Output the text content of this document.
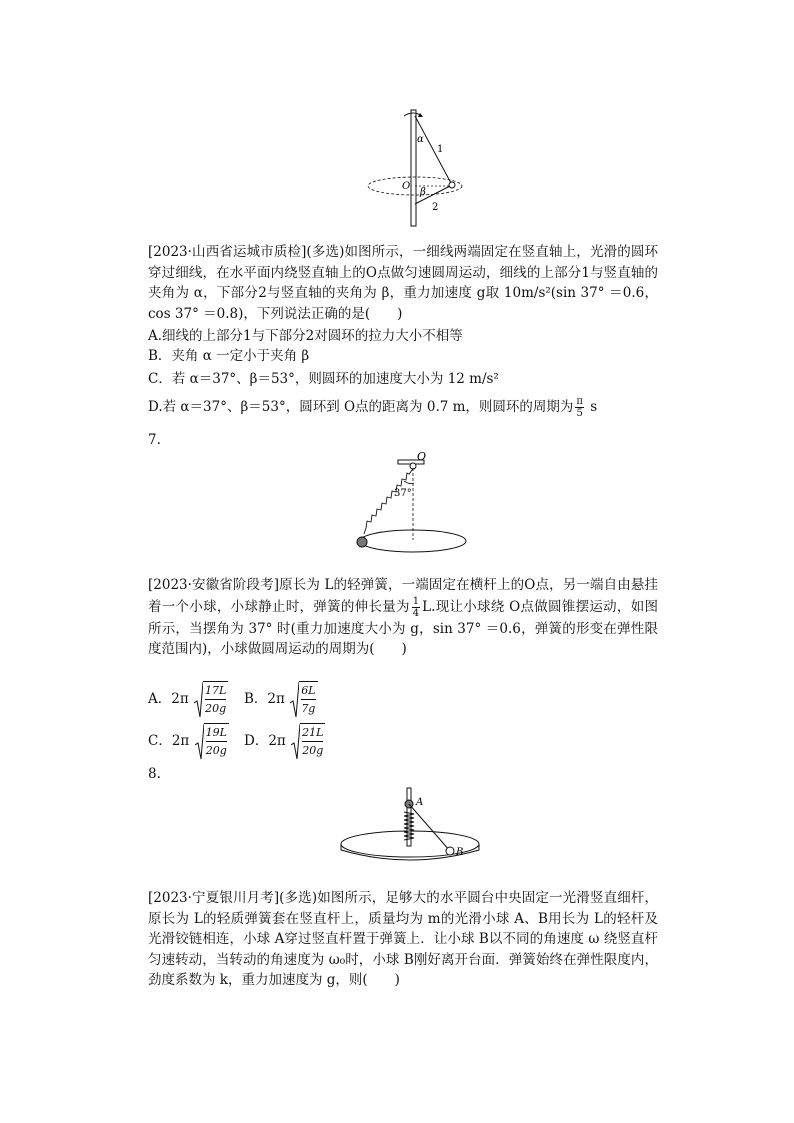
α
1
O
β
2
[2023·山西省运城市质检](多选)如图所示，一细线两端固定在竖直轴上，光滑的圆环穿过细线，在水平面内绕竖直轴上的O点做匀速圆周运动，细线的上部分1与竖直轴的夹角为 α，下部分2与竖直轴的夹角为 β，重力加速度 g取 10m/s²(sin 37° ＝0.6，cos 37° ＝0.8)，下列说法正确的是(　　)
A.细线的上部分1与下部分2对圆环的拉力大小不相等
B．夹角 α 一定小于夹角 β
C．若 α＝37°、β＝53°，则圆环的加速度大小为 12 m/s²
D.若 α＝37°、β＝53°，圆环到 O点的距离为 0.7 m，则圆环的周期为 $\frac{\pi}{5}$ s
7.
O
37°
[2023·安徽省阶段考]原长为 L的轻弹簧，一端固定在横杆上的O点，另一端自由悬挂着一个小球，小球静止时，弹簧的伸长量为 $\frac{1}{4} L$.现让小球绕 O点做圆锥摆运动，如图所示，当摆角为 37° 时(重力加速度大小为 g，sin 37° ＝0.6，弹簧的形变在弹性限度范围内)，小球做圆周运动的周期为(　　)
A．$2\pi \frac{17L}{20g}$ B．$2\pi \frac{6L}{7g}$
C．$2\pi \frac{19L}{20g}$ D．$2\pi \frac{21L}{20g}$
8.
A
B
[2023·宁夏银川月考](多选)如图所示，足够大的水平圆台中央固定一光滑竖直细杆，原长为 L的轻质弹簧套在竖直杆上，质量均为 m的光滑小球 A、B用长为 L的轻杆及光滑铰链相连，小球 A穿过竖直杆置于弹簧上．让小球 B以不同的角速度 ω 绕竖直杆匀速转动，当转动的角速度为 ω₀时，小球 B刚好离开台面．弹簧始终在弹性限度内，劲度系数为 k，重力加速度为 g，则(　　)
